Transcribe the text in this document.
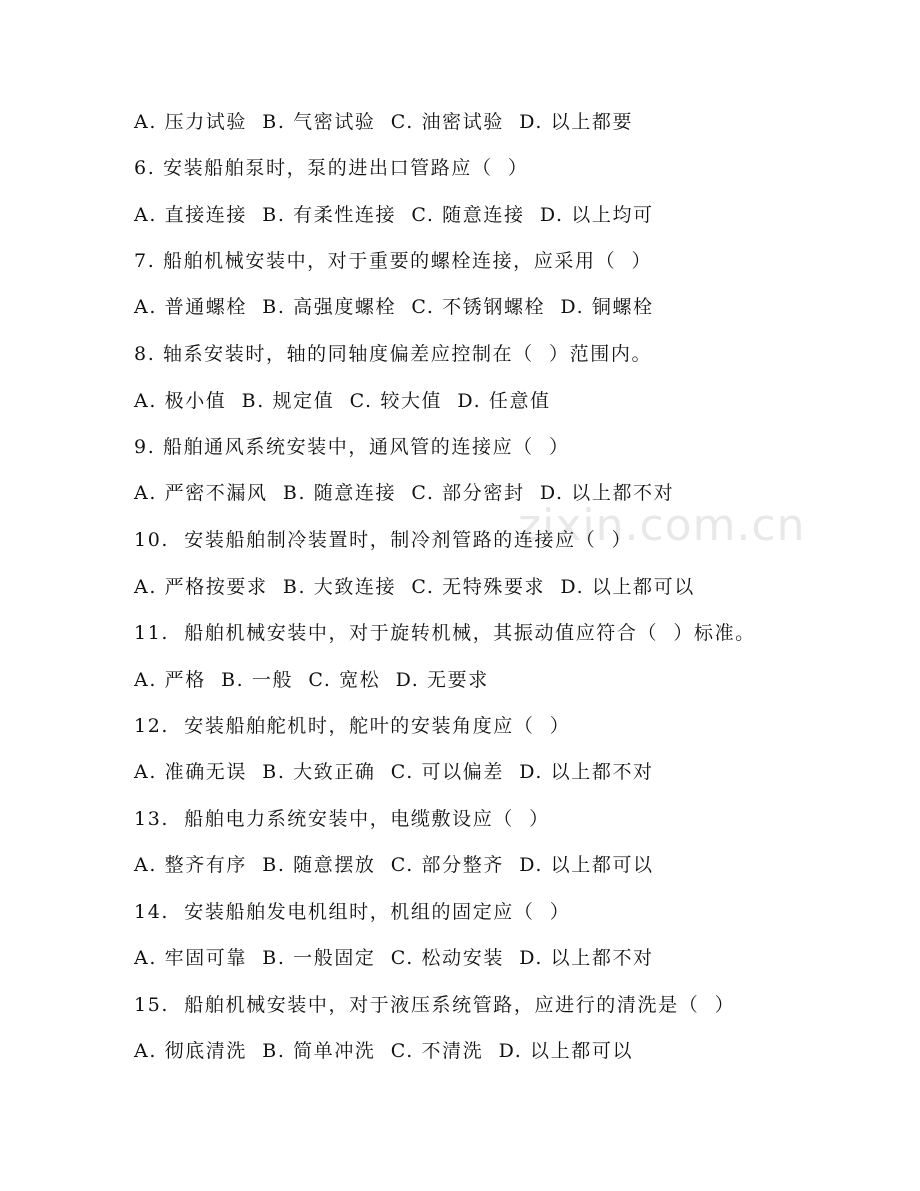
zixin.com.cn
A. 压力试验  B. 气密试验  C. 油密试验  D. 以上都要
6. 安装船舶泵时，泵的进出口管路应（  ）
A. 直接连接  B. 有柔性连接  C. 随意连接  D. 以上均可
7. 船舶机械安装中，对于重要的螺栓连接，应采用（  ）
A. 普通螺栓  B. 高强度螺栓  C. 不锈钢螺栓  D. 铜螺栓
8. 轴系安装时，轴的同轴度偏差应控制在（  ）范围内。
A. 极小值  B. 规定值  C. 较大值  D. 任意值
9. 船舶通风系统安装中，通风管的连接应（  ）
A. 严密不漏风  B. 随意连接  C. 部分密封  D. 以上都不对
10.  安装船舶制冷装置时，制冷剂管路的连接应（  ）
A. 严格按要求  B. 大致连接  C. 无特殊要求  D. 以上都可以
11.  船舶机械安装中，对于旋转机械，其振动值应符合（  ）标准。
A. 严格  B. 一般  C. 宽松  D. 无要求
12.  安装船舶舵机时，舵叶的安装角度应（  ）
A. 准确无误  B. 大致正确  C. 可以偏差  D. 以上都不对
13.  船舶电力系统安装中，电缆敷设应（  ）
A. 整齐有序  B. 随意摆放  C. 部分整齐  D. 以上都可以
14.  安装船舶发电机组时，机组的固定应（  ）
A. 牢固可靠  B. 一般固定  C. 松动安装  D. 以上都不对
15.  船舶机械安装中，对于液压系统管路，应进行的清洗是（  ）
A. 彻底清洗  B. 简单冲洗  C. 不清洗  D. 以上都可以
